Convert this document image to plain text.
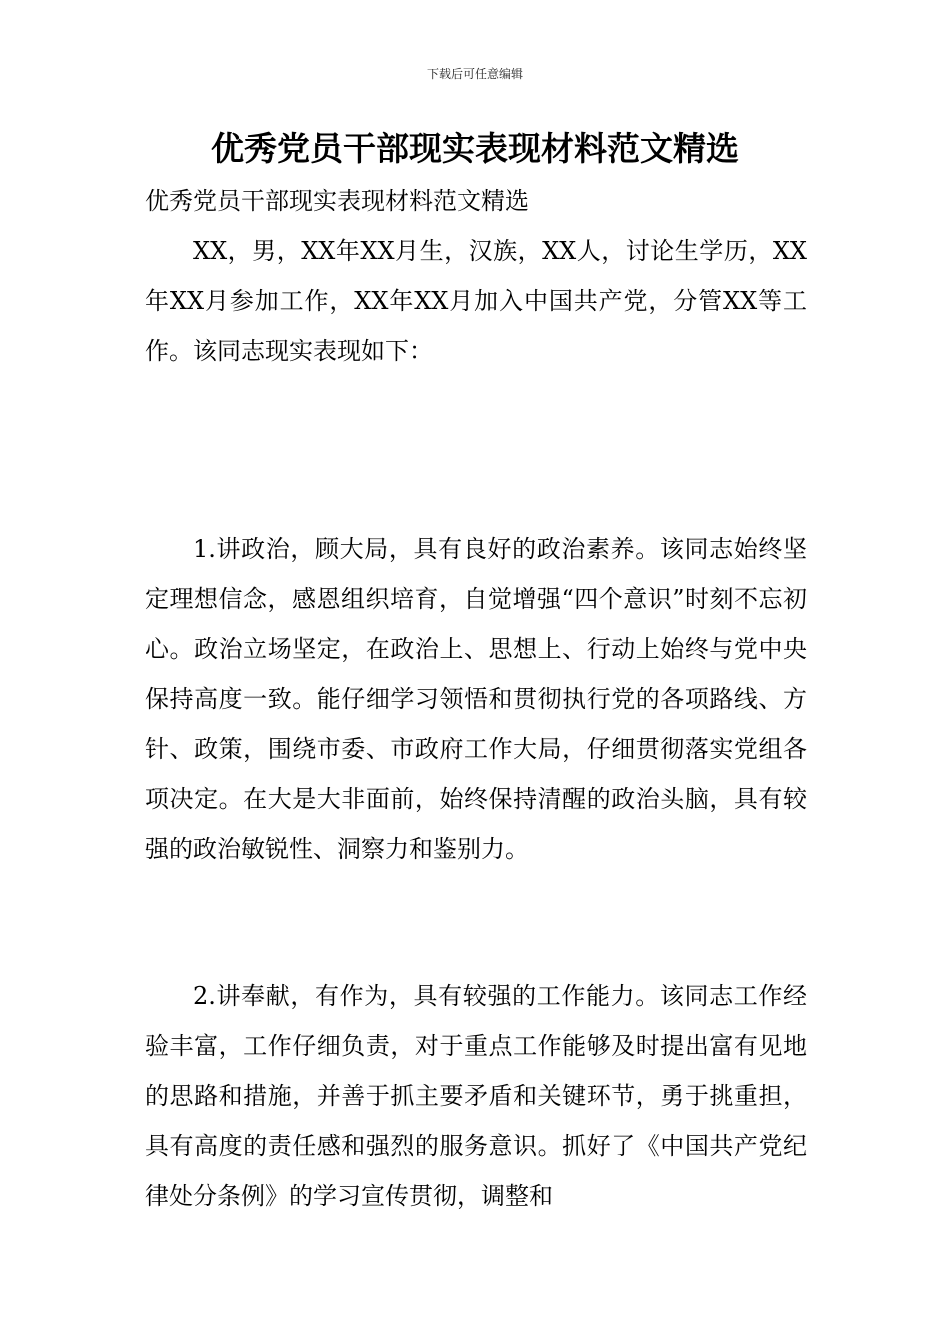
下载后可任意编辑
优秀党员干部现实表现材料范文精选

优秀党员干部现实表现材料范文精选

XX，男，XX年XX月生，汉族，XX人，讨论生学历，XX年XX月参加工作，XX年XX月加入中国共产党，分管XX等工作。该同志现实表现如下：

1.讲政治，顾大局，具有良好的政治素养。该同志始终坚定理想信念，感恩组织培育，自觉增强“四个意识”时刻不忘初心。政治立场坚定，在政治上、思想上、行动上始终与党中央保持高度一致。能仔细学习领悟和贯彻执行党的各项路线、方针、政策，围绕市委、市政府工作大局，仔细贯彻落实党组各项决定。在大是大非面前，始终保持清醒的政治头脑，具有较强的政治敏锐性、洞察力和鉴别力。

2.讲奉献，有作为，具有较强的工作能力。该同志工作经验丰富，工作仔细负责，对于重点工作能够及时提出富有见地的思路和措施，并善于抓主要矛盾和关键环节，勇于挑重担，具有高度的责任感和强烈的服务意识。抓好了《中国共产党纪律处分条例》的学习宣传贯彻，调整和
